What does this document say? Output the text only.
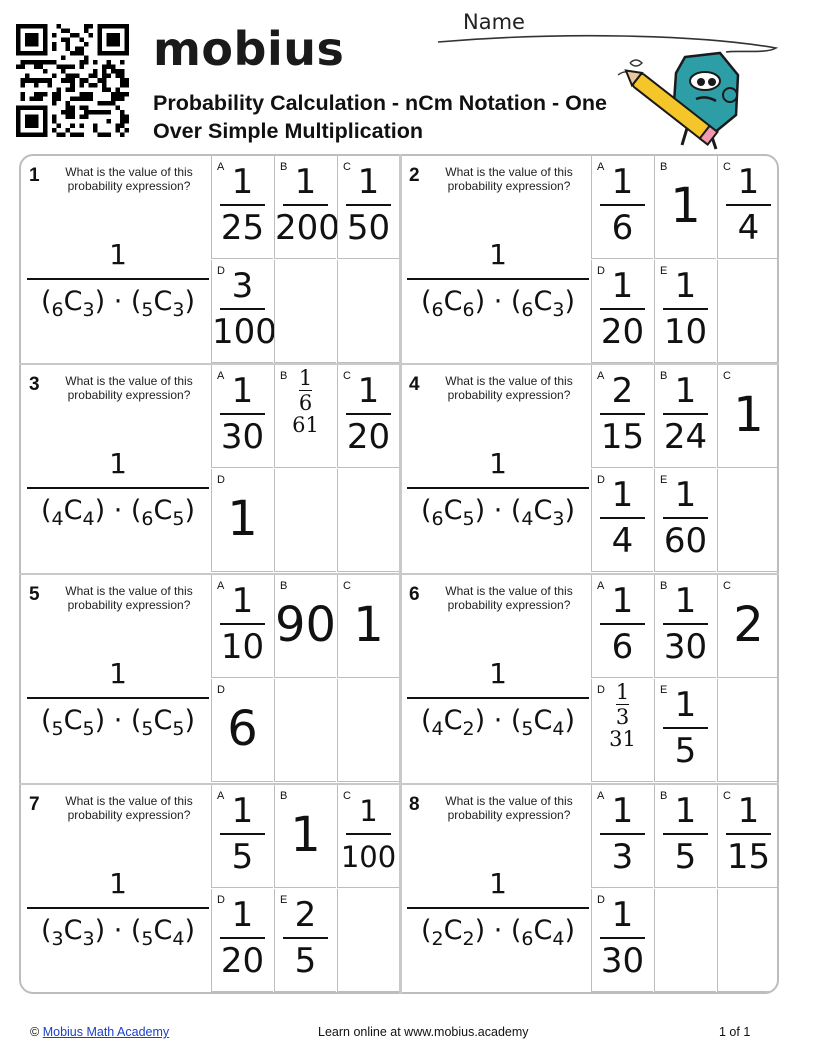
mobius	Name
Probability Calculation - nCm Notation - One Over Simple Multiplication
1	What is the value of this probability expression?
1
$(_6C_3) \cdot (_5C_3)$
A 1
25
B 1
200
C 1
50
D 3
100
2	What is the value of this probability expression?
1
$(_6C_6) \cdot (_6C_3)$
A 1
6
B
1
C 1
4
D 1
20
E 1
10
3	What is the value of this probability expression?
1
$(_4C_4) \cdot (_6C_5)$
A 1
30
B 1
6
61
C 1
20
D
1
4	What is the value of this probability expression?
1
$(_6C_5) \cdot (_4C_3)$
A 2
15
B 1
24
C
1
D 1
4
E 1
60
5	What is the value of this probability expression?
1
$(_5C_5) \cdot (_5C_5)$
A 1
10
B
90
C
1
D
6
6	What is the value of this probability expression?
1
$(_4C_2) \cdot (_5C_4)$
A 1
6
B 1
30
C
2
D 1
3
31
E 1
5
7	What is the value of this probability expression?
1
$(_3C_3) \cdot (_5C_4)$
A 1
5
B
1
C 1
100
D 1
20
E 2
5
8	What is the value of this probability expression?
1
$(_2C_2) \cdot (_6C_4)$
A 1
3
B 1
5
C 1
15
D 1
30
© Mobius Math Academy	Learn online at www.mobius.academy	1 of 1
